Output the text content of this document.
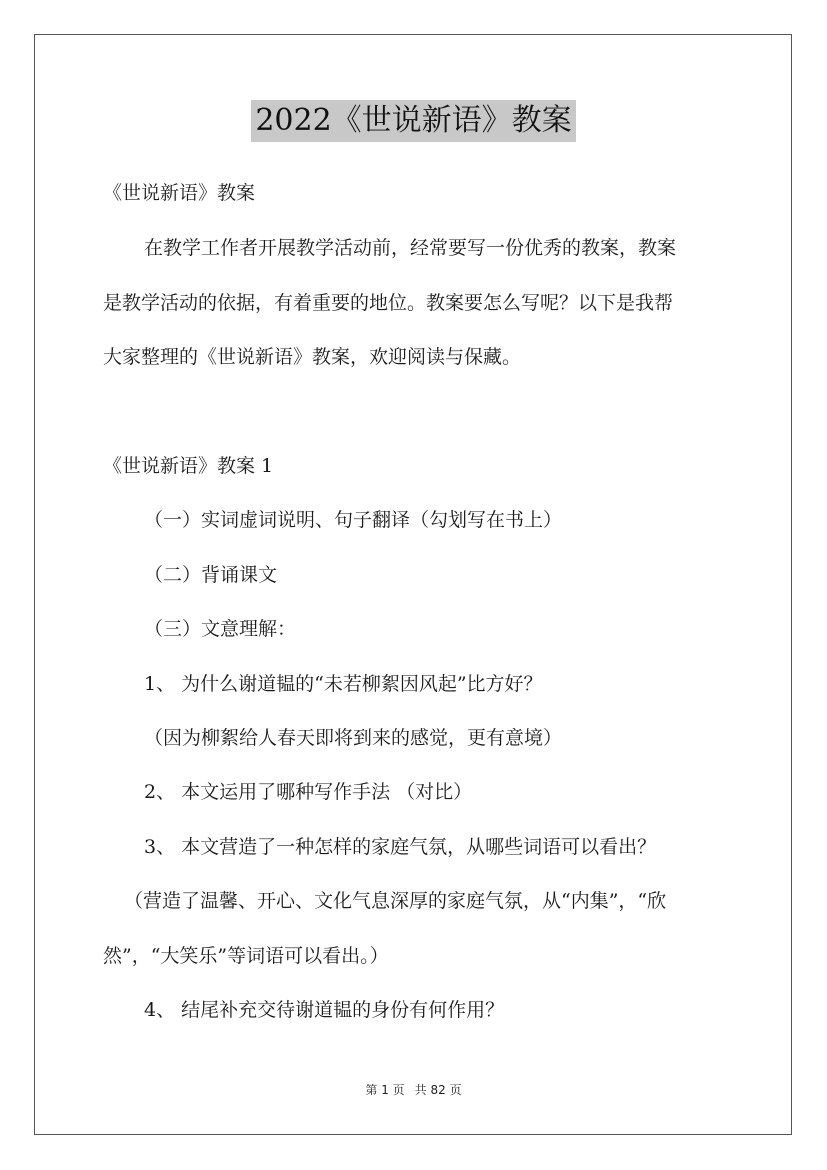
2022《世说新语》教案
《世说新语》教案
在教学工作者开展教学活动前，经常要写一份优秀的教案，教案
是教学活动的依据，有着重要的地位。教案要怎么写呢？以下是我帮
大家整理的《世说新语》教案，欢迎阅读与保藏。
《世说新语》教案 1
（一）实词虚词说明、句子翻译（勾划写在书上）
（二）背诵课文
（三）文意理解：
1、 为什么谢道韫的“未若柳絮因风起”比方好？
（因为柳絮给人春天即将到来的感觉，更有意境）
2、 本文运用了哪种写作手法 （对比）
3、 本文营造了一种怎样的家庭气氛，从哪些词语可以看出？
（营造了温馨、开心、文化气息深厚的家庭气氛，从“内集”，“欣
然”，“大笑乐”等词语可以看出。）
4、 结尾补充交待谢道韫的身份有何作用？
第 1 页 共 82 页
